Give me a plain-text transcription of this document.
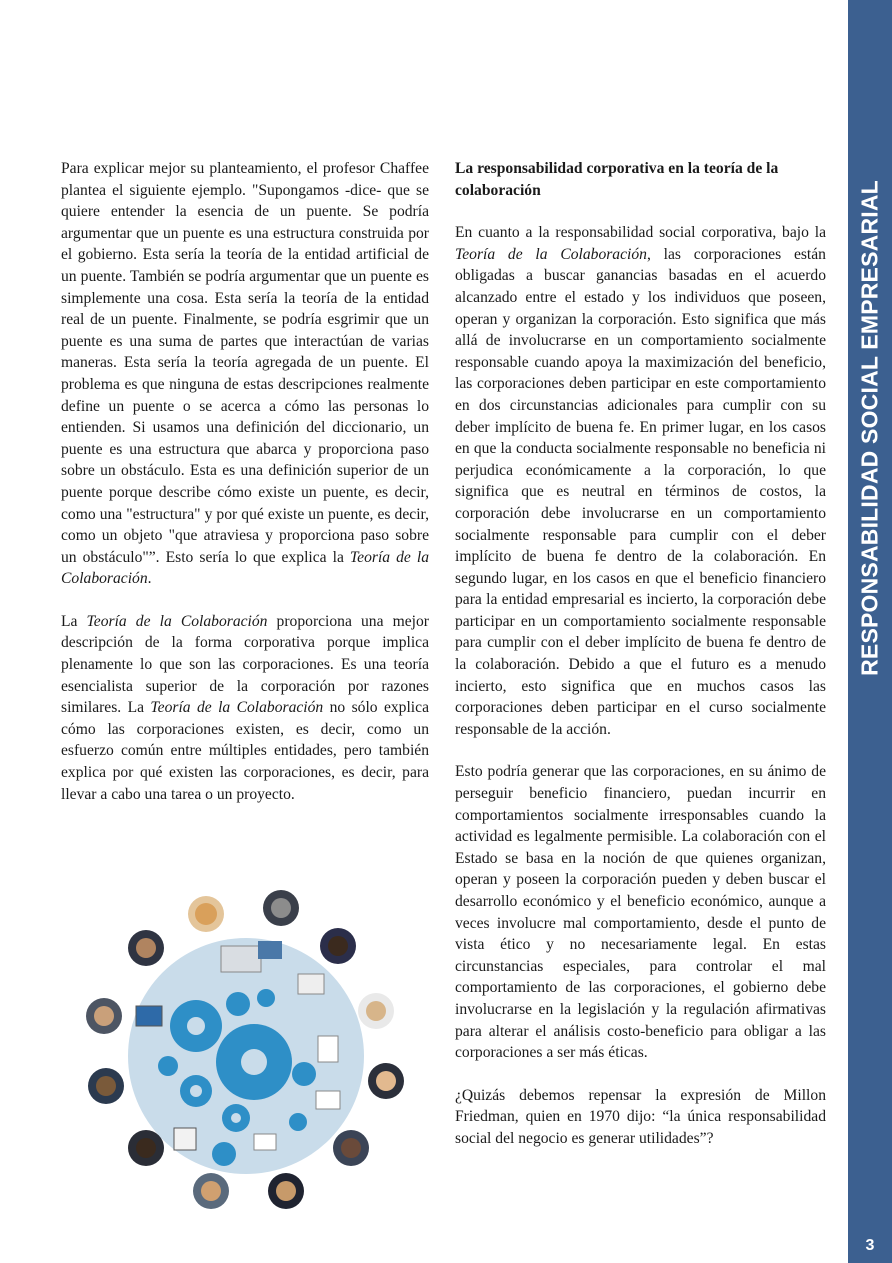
Para explicar mejor su planteamiento, el profesor Chaffee plantea el siguiente ejemplo. "Supongamos -dice- que se quiere entender la esencia de un puente. Se podría argumentar que un puente es una estructura construida por el gobierno. Esta sería la teoría de la entidad artificial de un puente. También se podría argumentar que un puente es simplemente una cosa. Esta sería la teoría de la entidad real de un puente. Finalmente, se podría esgrimir que un puente es una suma de partes que interactúan de varias maneras. Esta sería la teoría agregada de un puente. El problema es que ninguna de estas descripciones realmente define un puente o se acerca a cómo las personas lo entienden. Si usamos una definición del diccionario, un puente es una estructura que abarca y proporciona paso sobre un obstáculo. Esta es una definición superior de un puente porque describe cómo existe un puente, es decir, como una "estructura" y por qué existe un puente, es decir, como un objeto "que atraviesa y proporciona paso sobre un obstáculo"”. Esto sería lo que explica la Teoría de la Colaboración.

La Teoría de la Colaboración proporciona una mejor descripción de la forma corporativa porque implica plenamente lo que son las corporaciones. Es una teoría esencialista superior de la corporación por razones similares. La Teoría de la Colaboración no sólo explica cómo las corporaciones existen, es decir, como un esfuerzo común entre múltiples entidades, pero también explica por qué existen las corporaciones, es decir, para llevar a cabo una tarea o un proyecto.

La responsabilidad corporativa en la teoría de la colaboración

En cuanto a la responsabilidad social corporativa, bajo la Teoría de la Colaboración, las corporaciones están obligadas a buscar ganancias basadas en el acuerdo alcanzado entre el estado y los individuos que poseen, operan y organizan la corporación. Esto significa que más allá de involucrarse en un comportamiento socialmente responsable cuando apoya la maximización del beneficio, las corporaciones deben participar en este comportamiento en dos circunstancias adicionales para cumplir con su deber implícito de buena fe. En primer lugar, en los casos en que la conducta socialmente responsable no beneficia ni perjudica económicamente a la corporación, lo que significa que es neutral en términos de costos, la corporación debe involucrarse en un comportamiento socialmente responsable para cumplir con el deber implícito de buena fe dentro de la colaboración. En segundo lugar, en los casos en que el beneficio financiero para la entidad empresarial es incierto, la corporación debe participar en un comportamiento socialmente responsable para cumplir con el deber implícito de buena fe dentro de la colaboración. Debido a que el futuro es a menudo incierto, esto significa que en muchos casos las corporaciones deben participar en el curso socialmente responsable de la acción.

Esto podría generar que las corporaciones, en su ánimo de perseguir beneficio financiero, puedan incurrir en comportamientos socialmente irresponsables cuando la actividad es legalmente permisible. La colaboración con el Estado se basa en la noción de que quienes organizan, operan y poseen la corporación pueden y deben buscar el desarrollo económico y el beneficio económico, aunque a veces involucre mal comportamiento, desde el punto de vista ético y no necesariamente legal. En estas circunstancias especiales, para controlar el mal comportamiento de las corporaciones, el gobierno debe involucrarse en la legislación y la regulación afirmativas para alterar el análisis costo-beneficio para obligar a las corporaciones a ser más éticas.

¿Quizás debemos repensar la expresión de Millon Friedman, quien en 1970 dijo: “la única responsabilidad social del negocio es generar utilidades”?

RESPONSABILIDAD SOCIAL EMPRESARIAL
3
